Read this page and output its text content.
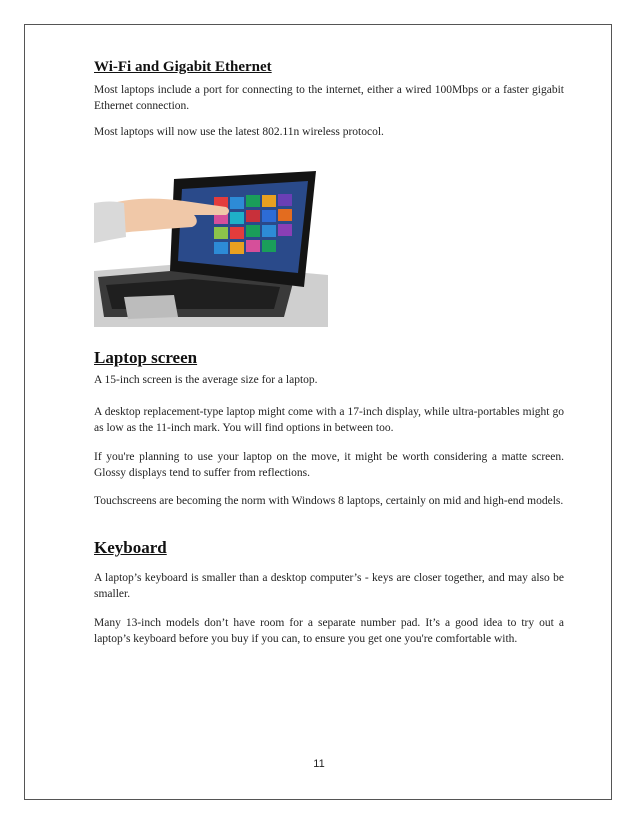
Wi-Fi and Gigabit Ethernet

Most laptops include a port for connecting to the internet, either a wired 100Mbps or a faster gigabit Ethernet connection.

Most laptops will now use the latest 802.11n wireless protocol.

Laptop screen

A 15-inch screen is the average size for a laptop.

A desktop replacement-type laptop might come with a 17-inch display, while ultra-portables might go as low as the 11-inch mark. You will find options in between too.

If you're planning to use your laptop on the move, it might be worth considering a matte screen. Glossy displays tend to suffer from reflections.

Touchscreens are becoming the norm with Windows 8 laptops, certainly on mid and high-end models.

Keyboard

A laptop’s keyboard is smaller than a desktop computer’s - keys are closer together, and may also be smaller.

Many 13-inch models don’t have room for a separate number pad. It’s a good idea to try out a laptop’s keyboard before you buy if you can, to ensure you get one you're comfortable with.

11
